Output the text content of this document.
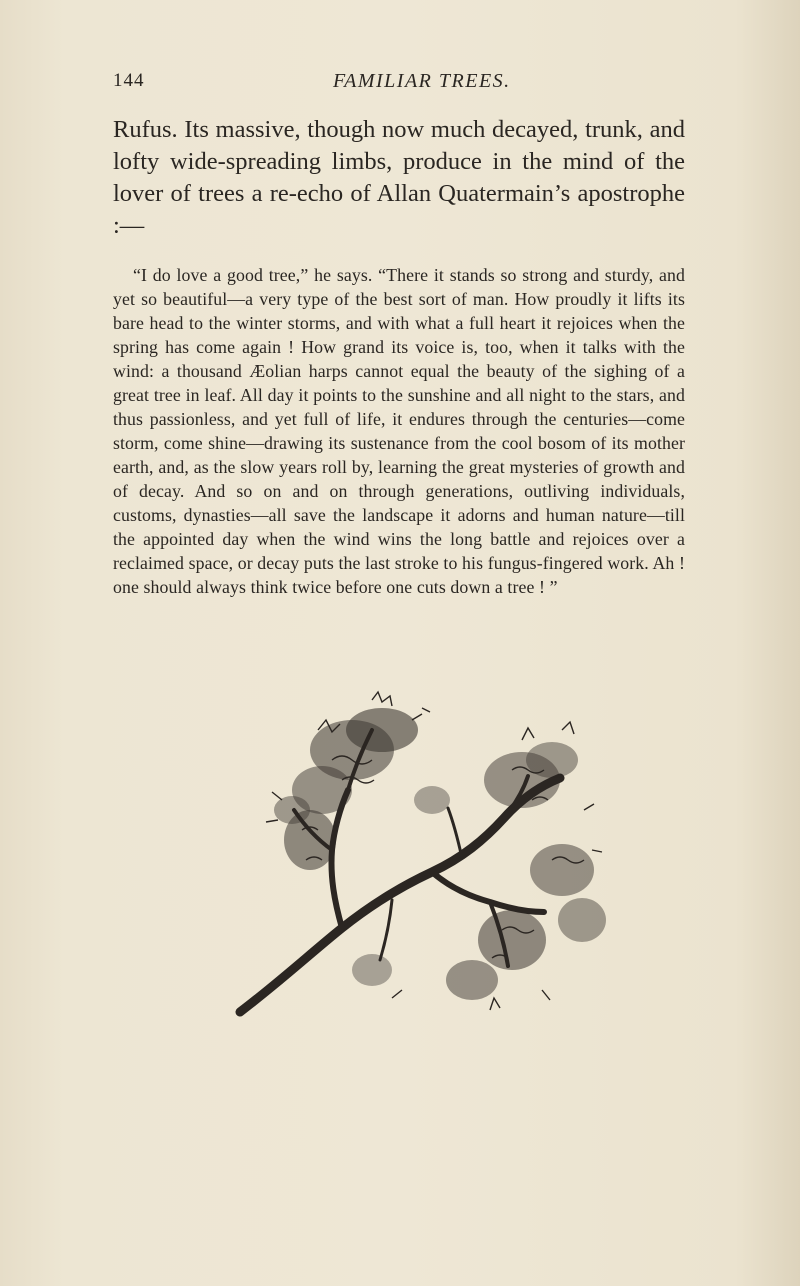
144	FAMILIAR TREES.

Rufus. Its massive, though now much decayed, trunk, and lofty wide-spreading limbs, produce in the mind of the lover of trees a re-echo of Allan Quatermain’s apostrophe :—

“I do love a good tree,” he says. “There it stands so strong and sturdy, and yet so beautiful—a very type of the best sort of man. How proudly it lifts its bare head to the winter storms, and with what a full heart it rejoices when the spring has come again ! How grand its voice is, too, when it talks with the wind: a thousand Æolian harps cannot equal the beauty of the sighing of a great tree in leaf. All day it points to the sunshine and all night to the stars, and thus passionless, and yet full of life, it endures through the centuries—come storm, come shine—drawing its sustenance from the cool bosom of its mother earth, and, as the slow years roll by, learning the great mysteries of growth and of decay. And so on and on through generations, outliving individuals, customs, dynasties—all save the landscape it adorns and human nature—till the appointed day when the wind wins the long battle and rejoices over a reclaimed space, or decay puts the last stroke to his fungus-fingered work. Ah ! one should always think twice before one cuts down a tree ! ”
